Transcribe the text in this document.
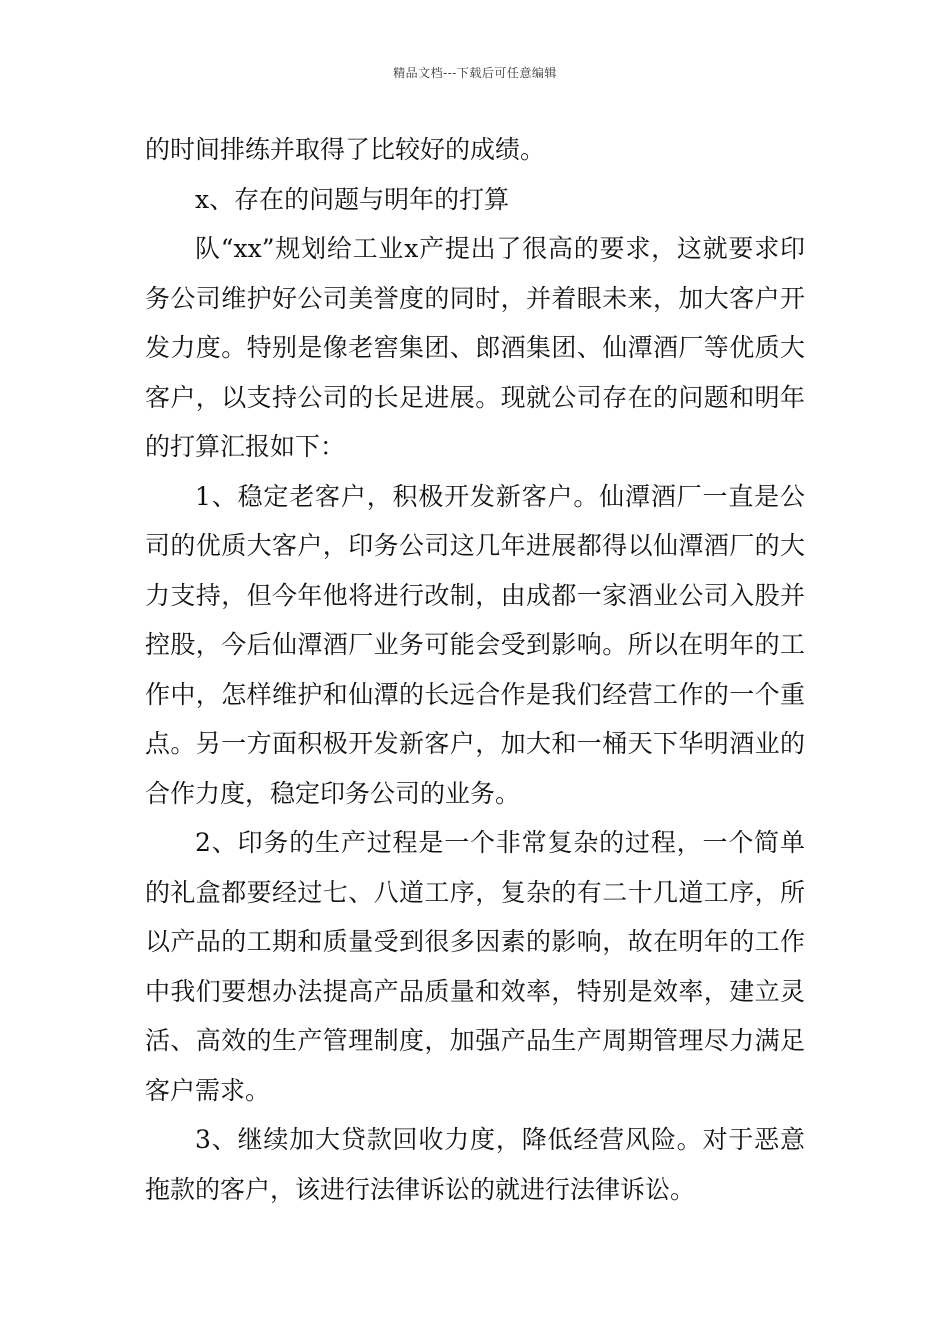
精品文档---下载后可任意编辑

的时间排练并取得了比较好的成绩。

x、存在的问题与明年的打算

队“xx”规划给工业x产提出了很高的要求，这就要求印务公司维护好公司美誉度的同时，并着眼未来，加大客户开发力度。特别是像老窖集团、郎酒集团、仙潭酒厂等优质大客户，以支持公司的长足进展。现就公司存在的问题和明年的打算汇报如下：

1、稳定老客户，积极开发新客户。仙潭酒厂一直是公司的优质大客户，印务公司这几年进展都得以仙潭酒厂的大力支持，但今年他将进行改制，由成都一家酒业公司入股并控股，今后仙潭酒厂业务可能会受到影响。所以在明年的工作中，怎样维护和仙潭的长远合作是我们经营工作的一个重点。另一方面积极开发新客户，加大和一桶天下华明酒业的合作力度，稳定印务公司的业务。

2、印务的生产过程是一个非常复杂的过程，一个简单的礼盒都要经过七、八道工序，复杂的有二十几道工序，所以产品的工期和质量受到很多因素的影响，故在明年的工作中我们要想办法提高产品质量和效率，特别是效率，建立灵活、高效的生产管理制度，加强产品生产周期管理尽力满足客户需求。

3、继续加大贷款回收力度，降低经营风险。对于恶意拖款的客户，该进行法律诉讼的就进行法律诉讼。
